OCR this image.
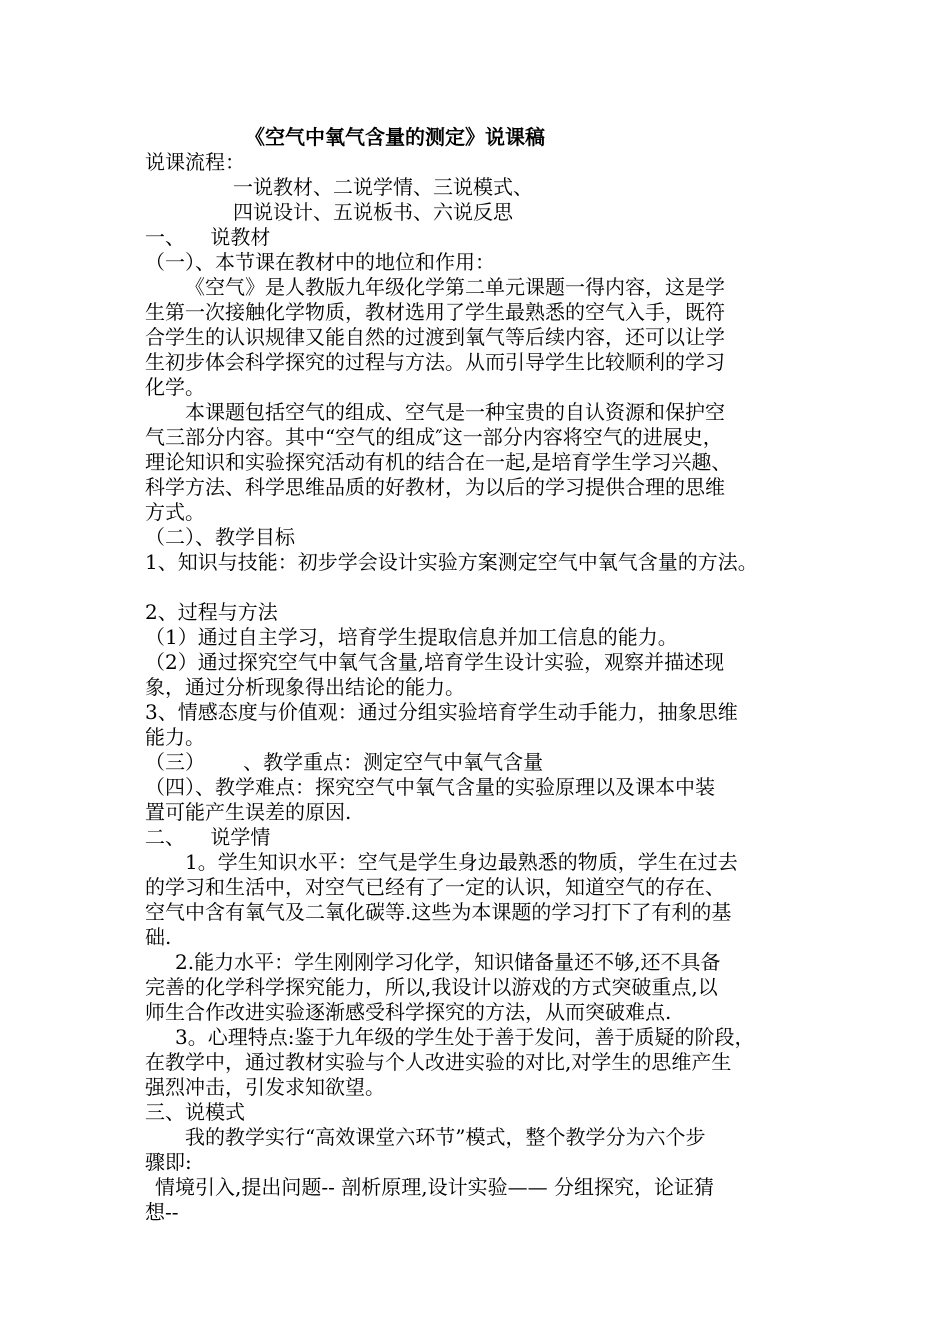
《空气中氧气含量的测定》说课稿
说课流程：
一说教材、二说学情、三说模式、
四说设计、五说板书、六说反思
一、    说教材
（一）、本节课在教材中的地位和作用：
《空气》是人教版九年级化学第二单元课题一得内容，这是学
生第一次接触化学物质，教材选用了学生最熟悉的空气入手，既符
合学生的认识规律又能自然的过渡到氧气等后续内容，还可以让学
生初步体会科学探究的过程与方法。从而引导学生比较顺利的学习
化学。
本课题包括空气的组成、空气是一种宝贵的自认资源和保护空
气三部分内容。其中“空气的组成″这一部分内容将空气的进展史，
理论知识和实验探究活动有机的结合在一起,是培育学生学习兴趣、
科学方法、科学思维品质的好教材，为以后的学习提供合理的思维
方式。
（二）、教学目标
1、知识与技能：初步学会设计实验方案测定空气中氧气含量的方法。
2、过程与方法
（1）通过自主学习，培育学生提取信息并加工信息的能力。
（2）通过探究空气中氧气含量,培育学生设计实验，观察并描述现
象，通过分析现象得出结论的能力。
3、情感态度与价值观：通过分组实验培育学生动手能力，抽象思维
能力。
（三）      、教学重点：测定空气中氧气含量
（四）、教学难点：探究空气中氧气含量的实验原理以及课本中装
置可能产生误差的原因.
二、    说学情
1。学生知识水平：空气是学生身边最熟悉的物质，学生在过去
的学习和生活中，对空气已经有了一定的认识，知道空气的存在、
空气中含有氧气及二氧化碳等.这些为本课题的学习打下了有利的基
础.
2.能力水平：学生刚刚学习化学，知识储备量还不够,还不具备
完善的化学科学探究能力，所以,我设计以游戏的方式突破重点,以
师生合作改进实验逐渐感受科学探究的方法，从而突破难点.
3。心理特点:鉴于九年级的学生处于善于发问，善于质疑的阶段，
在教学中，通过教材实验与个人改进实验的对比,对学生的思维产生
强烈冲击，引发求知欲望。
三、说模式
我的教学实行“高效课堂六环节”模式，整个教学分为六个步
骤即:
情境引入,提出问题-- 剖析原理,设计实验—— 分组探究，论证猜
想--
